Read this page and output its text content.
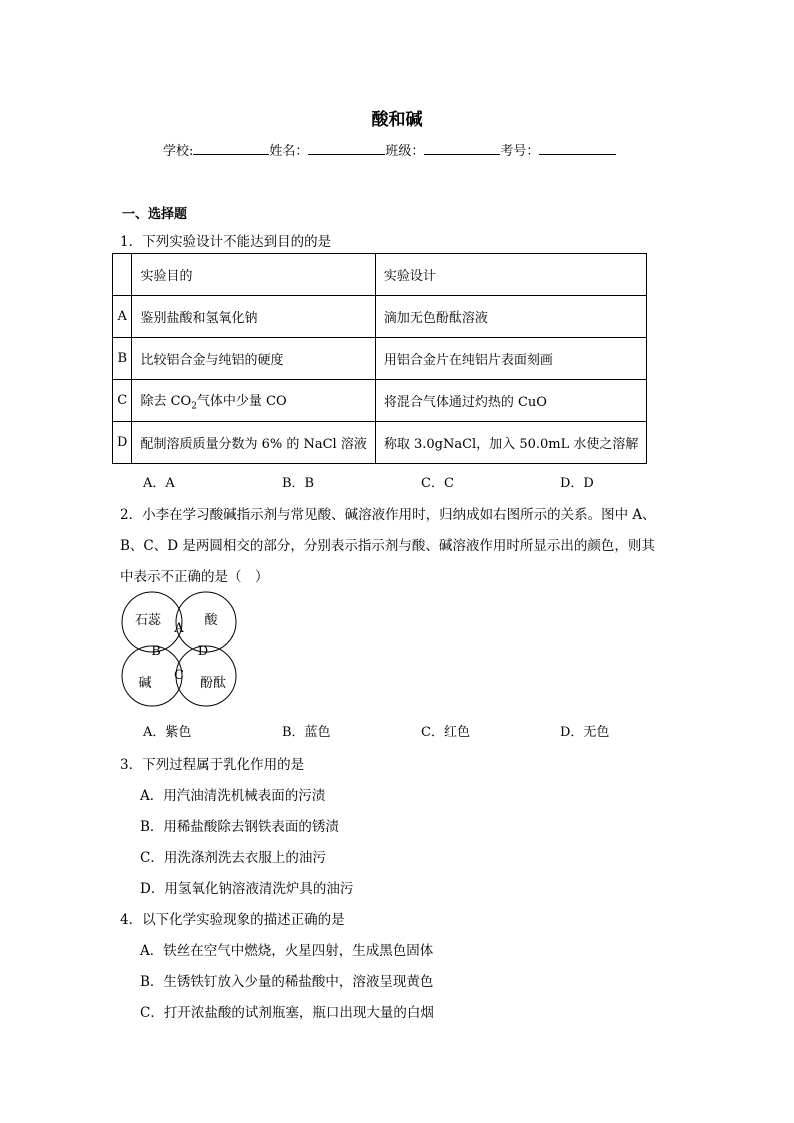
酸和碱
学校:	姓名：	班级：	考号：
一、选择题
1．下列实验设计不能达到目的的是
	实验目的	实验设计
A	鉴别盐酸和氢氧化钠	滴加无色酚酞溶液
B	比较铝合金与纯铝的硬度	用铝合金片在纯铝片表面刻画
C	除去 $CO_2$气体中少量 CO	将混合气体通过灼热的 CuO
D	配制溶质质量分数为 6% 的 NaCl 溶液	称取 3.0gNaCl，加入 50.0mL 水使之溶解
A．A	B．B	C．C	D．D
2．小李在学习酸碱指示剂与常见酸、碱溶液作用时，归纳成如右图所示的关系。图中 A、
B、C、D 是两圆相交的部分，分别表示指示剂与酸、碱溶液作用时所显示出的颜色，则其
中表示不正确的是（　）
石蕊	酸
碱	酚酞
A
B
C
D
A．紫色	B．蓝色	C．红色	D．无色
3．下列过程属于乳化作用的是
A．用汽油清洗机械表面的污渍
B．用稀盐酸除去钢铁表面的锈渍
C．用洗涤剂洗去衣服上的油污
D．用氢氧化钠溶液清洗炉具的油污
4．以下化学实验现象的描述正确的是
A．铁丝在空气中燃烧，火星四射，生成黑色固体
B．生锈铁钉放入少量的稀盐酸中，溶液呈现黄色
C．打开浓盐酸的试剂瓶塞，瓶口出现大量的白烟
